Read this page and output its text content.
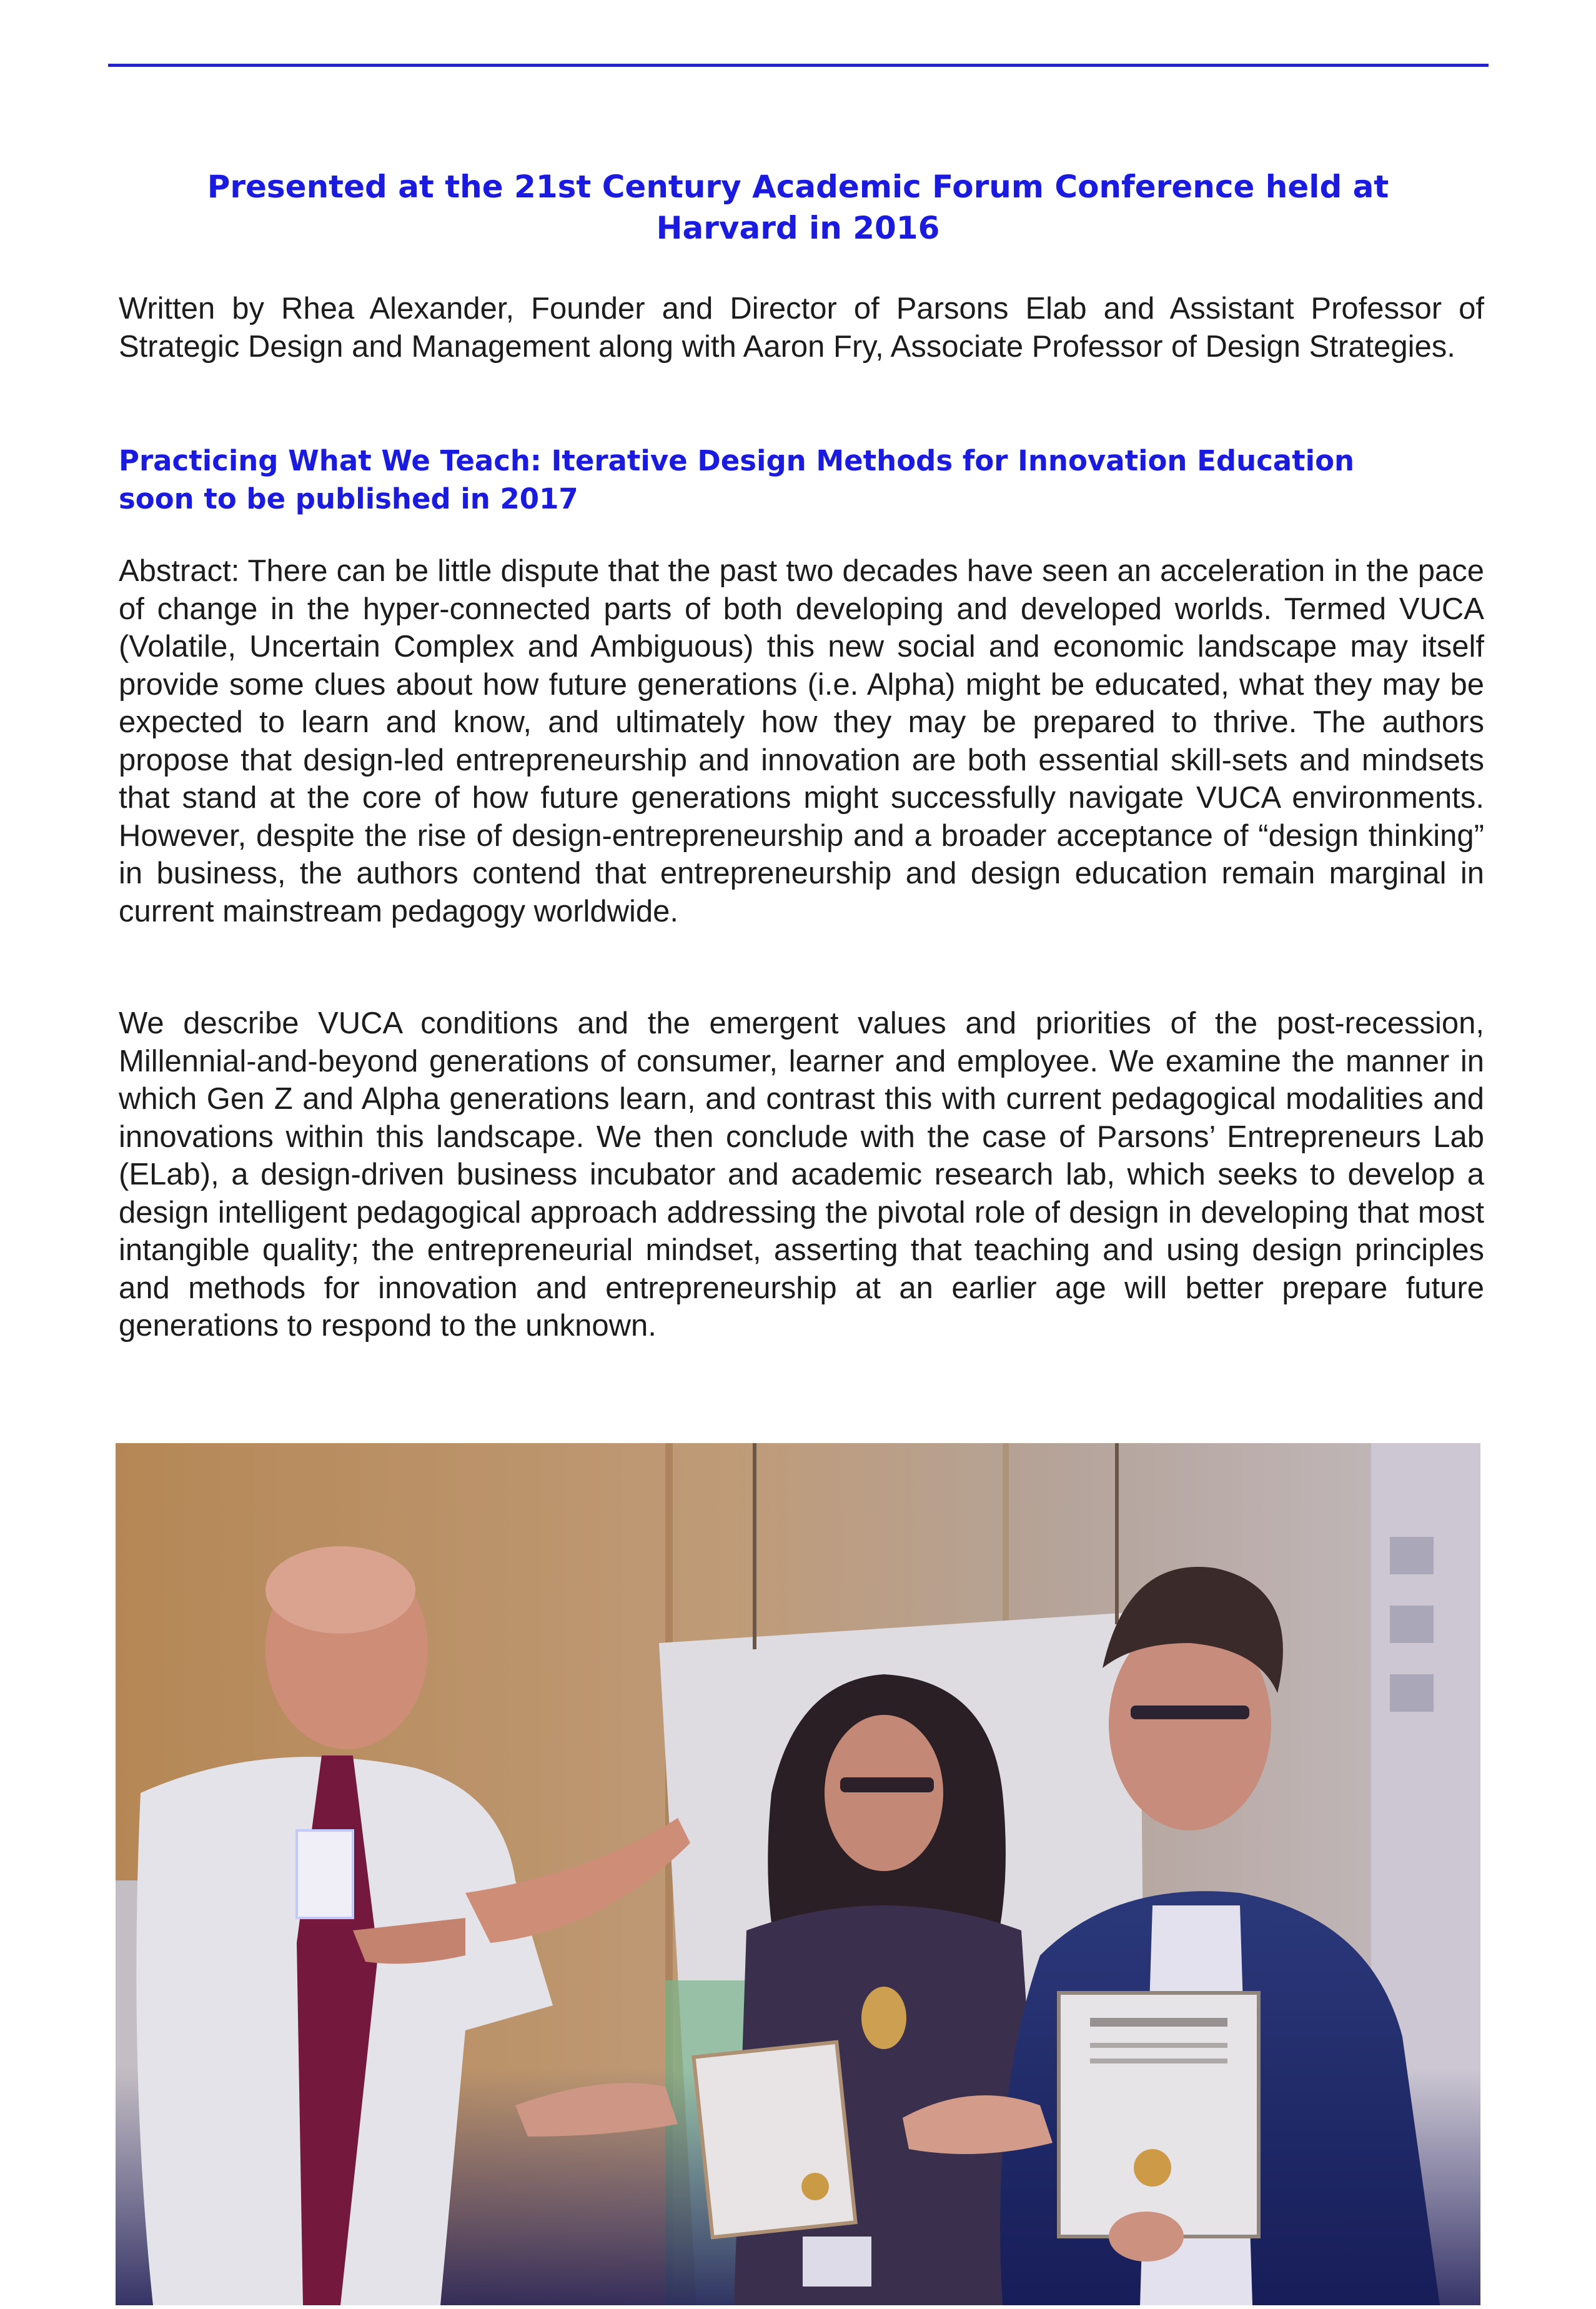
Presented at the 21st Century Academic Forum Conference held at
Harvard in 2016

Written by Rhea Alexander, Founder and Director of Parsons Elab and Assistant Professor of Strategic Design and Management along with Aaron Fry, Associate Professor of Design Strategies.

Practicing What We Teach: Iterative Design Methods for Innovation Education
soon to be published in 2017

Abstract: There can be little dispute that the past two decades have seen an acceleration in the pace of change in the hyper-connected parts of both developing and developed worlds. Termed VUCA (Volatile, Uncertain Complex and Ambiguous) this new social and economic landscape may itself provide some clues about how future generations (i.e. Alpha) might be educated, what they may be expected to learn and know, and ultimately how they may be prepared to thrive. The authors propose that design-led entrepreneurship and innovation are both essential skill-sets and mindsets that stand at the core of how future generations might successfully navigate VUCA environments. However, despite the rise of design-entrepreneurship and a broader acceptance of “design thinking” in business, the authors contend that entrepreneurship and design education remain marginal in current mainstream pedagogy worldwide.

We describe VUCA conditions and the emergent values and priorities of the post-recession, Millennial-and-beyond generations of consumer, learner and employee. We examine the manner in which Gen Z and Alpha generations learn, and contrast this with current pedagogical modalities and innovations within this landscape. We then conclude with the case of Parsons’ Entrepreneurs Lab (ELab), a design-driven business incubator and academic research lab, which seeks to develop a design intelligent pedagogical approach addressing the pivotal role of design in developing that most intangible quality; the entrepreneurial mindset, asserting that teaching and using design principles and methods for innovation and entrepreneurship at an earlier age will better prepare future generations to respond to the unknown.
